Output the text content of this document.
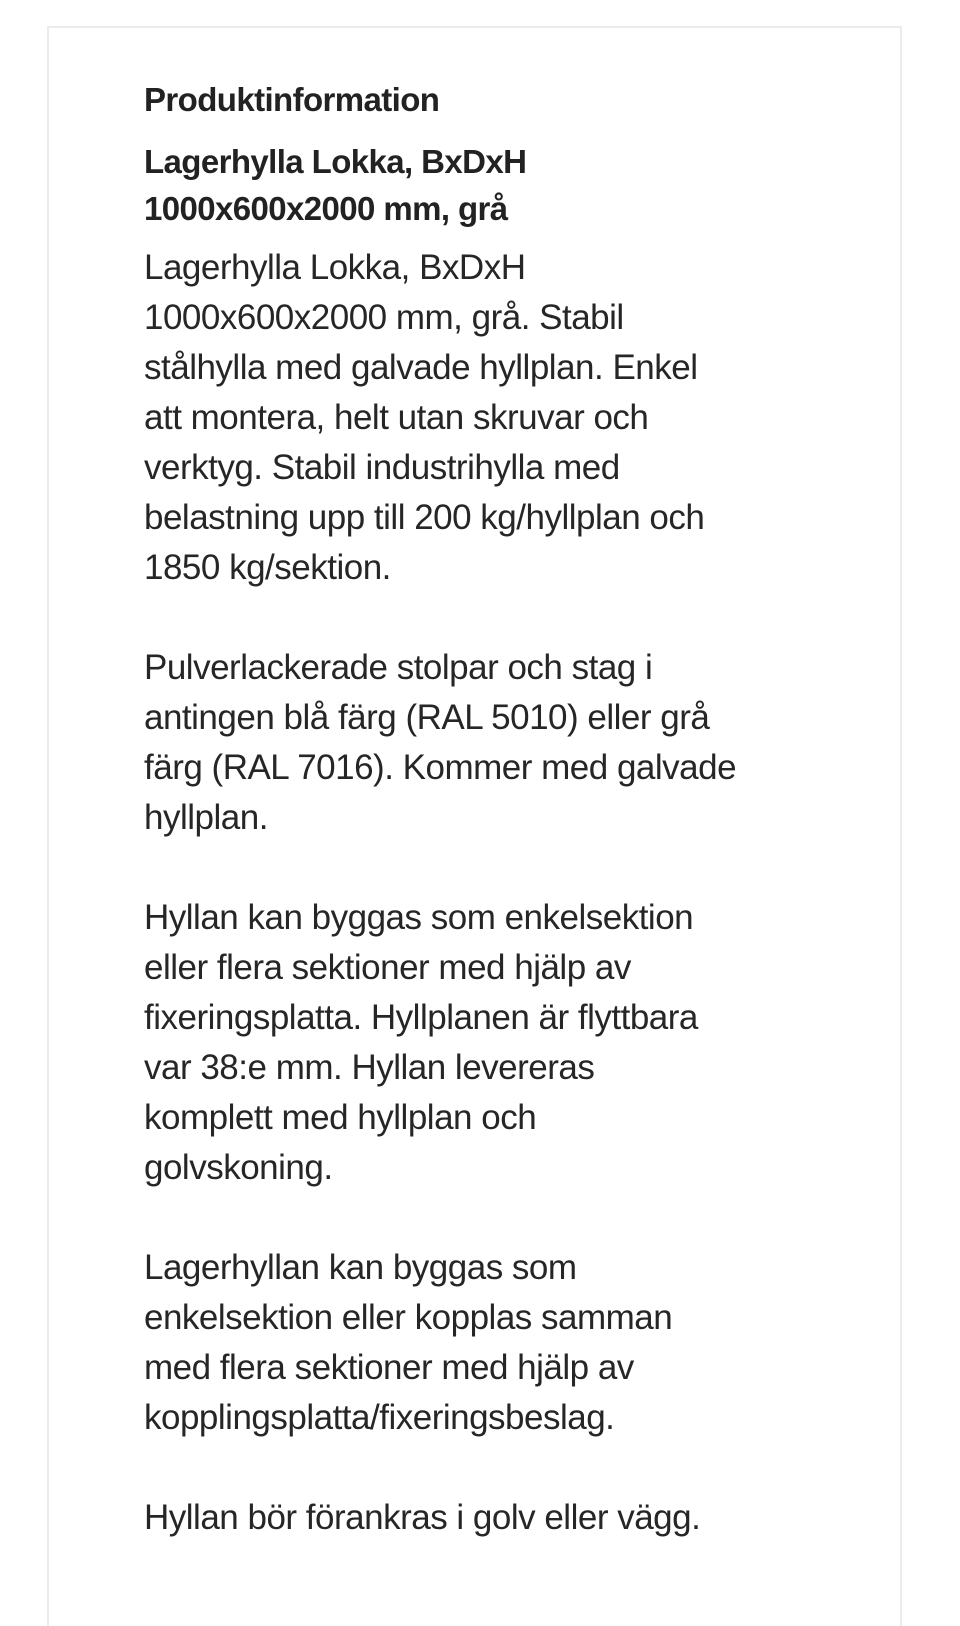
Produktinformation
Lagerhylla Lokka, BxDxH
1000x600x2000 mm, grå

Lagerhylla Lokka, BxDxH
1000x600x2000 mm, grå. Stabil
stålhylla med galvade hyllplan. Enkel
att montera, helt utan skruvar och
verktyg. Stabil industrihylla med
belastning upp till 200 kg/hyllplan och
1850 kg/sektion.

Pulverlackerade stolpar och stag i
antingen blå färg (RAL 5010) eller grå
färg (RAL 7016). Kommer med galvade
hyllplan.

Hyllan kan byggas som enkelsektion
eller flera sektioner med hjälp av
fixeringsplatta. Hyllplanen är flyttbara
var 38:e mm. Hyllan levereras
komplett med hyllplan och
golvskoning.

Lagerhyllan kan byggas som
enkelsektion eller kopplas samman
med flera sektioner med hjälp av
kopplingsplatta/fixeringsbeslag.

Hyllan bör förankras i golv eller vägg.
